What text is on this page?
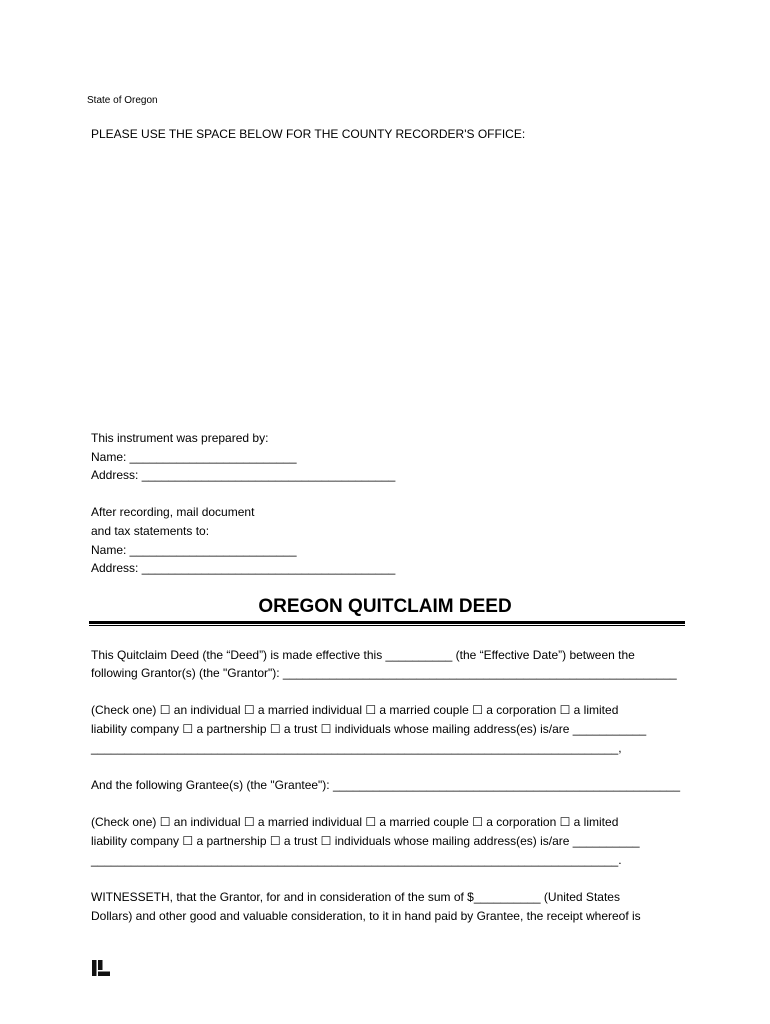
State of Oregon
PLEASE USE THE SPACE BELOW FOR THE COUNTY RECORDER'S OFFICE:
This instrument was prepared by:
Name: _________________________
Address: ______________________________________
After recording, mail document
and tax statements to:
Name: _________________________
Address: ______________________________________
OREGON QUITCLAIM DEED
This Quitclaim Deed (the “Deed”) is made effective this __________ (the “Effective Date”) between the
following Grantor(s) (the "Grantor"): ___________________________________________________________
(Check one) ☐ an individual ☐ a married individual ☐ a married couple ☐ a corporation ☐ a limited
liability company ☐ a partnership ☐ a trust ☐ individuals whose mailing address(es) is/are ___________
_______________________________________________________________________________,
And the following Grantee(s) (the "Grantee"): ____________________________________________________
(Check one) ☐ an individual ☐ a married individual ☐ a married couple ☐ a corporation ☐ a limited
liability company ☐ a partnership ☐ a trust ☐ individuals whose mailing address(es) is/are __________
_______________________________________________________________________________.
WITNESSETH, that the Grantor, for and in consideration of the sum of $__________ (United States
Dollars) and other good and valuable consideration, to it in hand paid by Grantee, the receipt whereof is
